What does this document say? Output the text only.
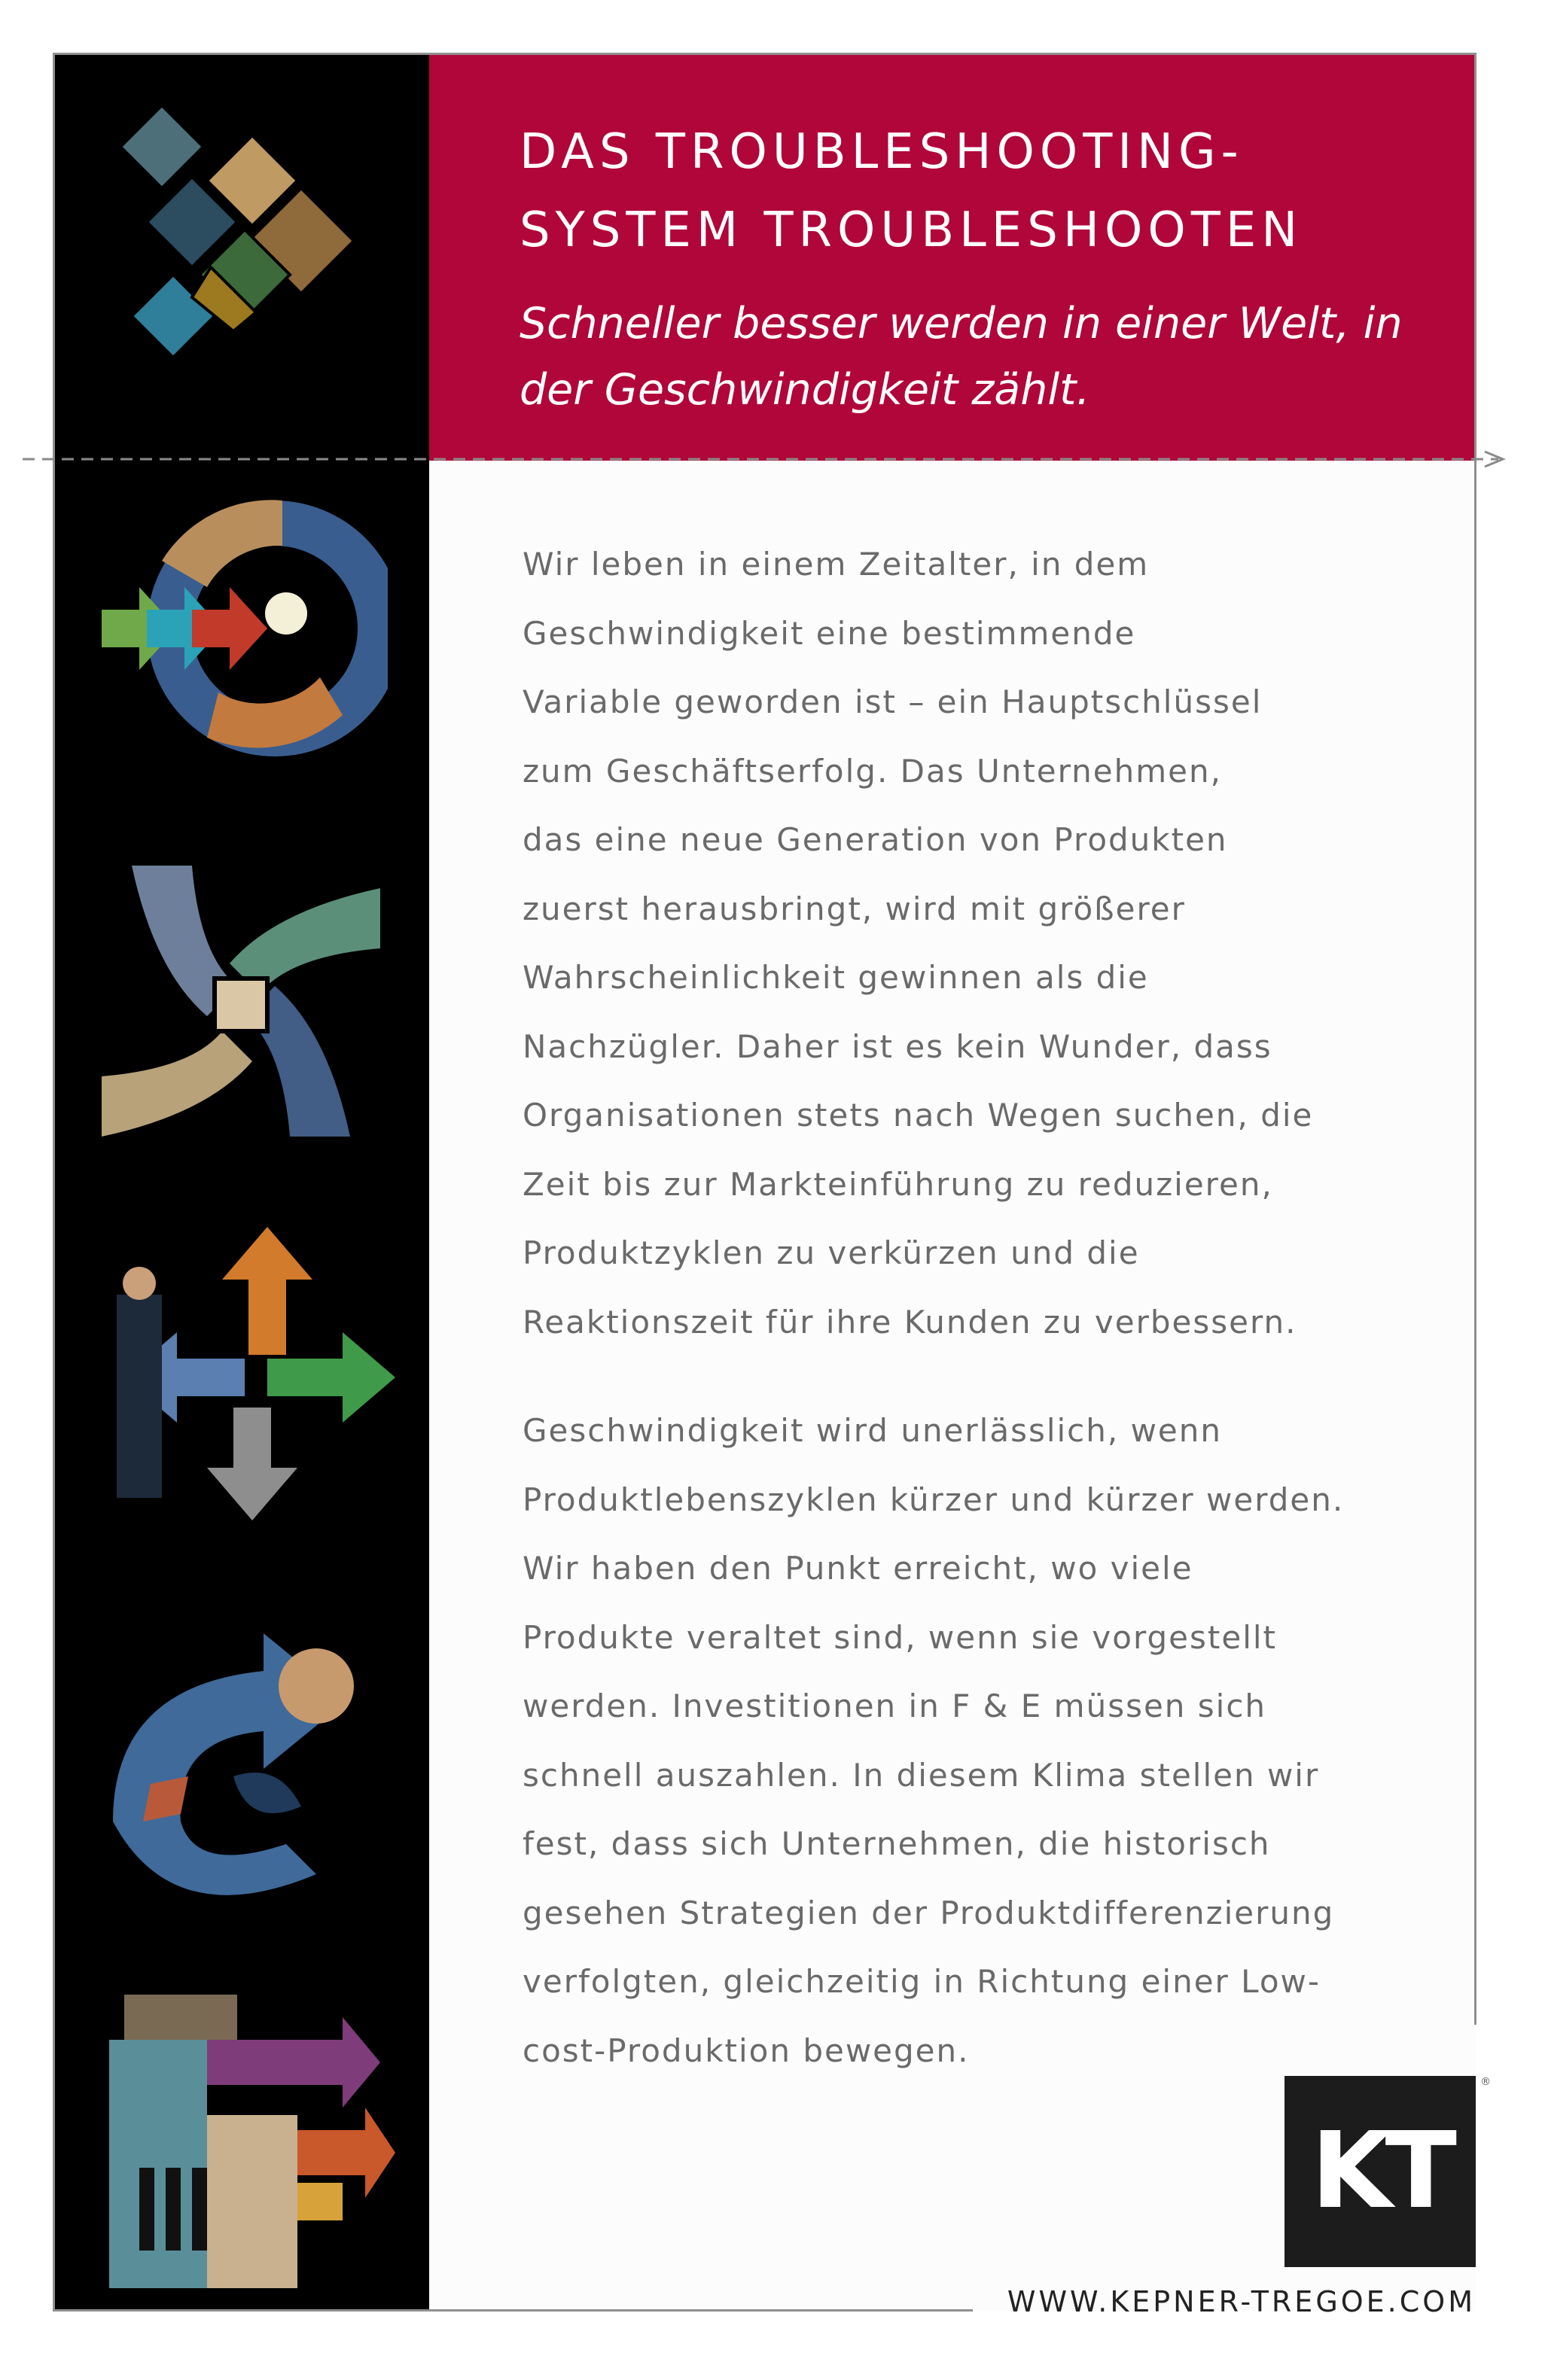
DAS TROUBLESHOOTING-
SYSTEM TROUBLESHOOTEN

Schneller besser werden in einer Welt, in
der Geschwindigkeit zählt.

Wir leben in einem Zeitalter, in dem
Geschwindigkeit eine bestimmende
Variable geworden ist – ein Hauptschlüssel
zum Geschäftserfolg. Das Unternehmen,
das eine neue Generation von Produkten
zuerst herausbringt, wird mit größerer
Wahrscheinlichkeit gewinnen als die
Nachzügler. Daher ist es kein Wunder, dass
Organisationen stets nach Wegen suchen, die
Zeit bis zur Markteinführung zu reduzieren,
Produktzyklen zu verkürzen und die
Reaktionszeit für ihre Kunden zu verbessern.

Geschwindigkeit wird unerlässlich, wenn
Produktlebenszyklen kürzer und kürzer werden.
Wir haben den Punkt erreicht, wo viele
Produkte veraltet sind, wenn sie vorgestellt
werden. Investitionen in F & E müssen sich
schnell auszahlen. In diesem Klima stellen wir
fest, dass sich Unternehmen, die historisch
gesehen Strategien der Produktdifferenzierung
verfolgten, gleichzeitig in Richtung einer Low-
cost-Produktion bewegen.

KT
®

WWW.KEPNER-TREGOE.COM
